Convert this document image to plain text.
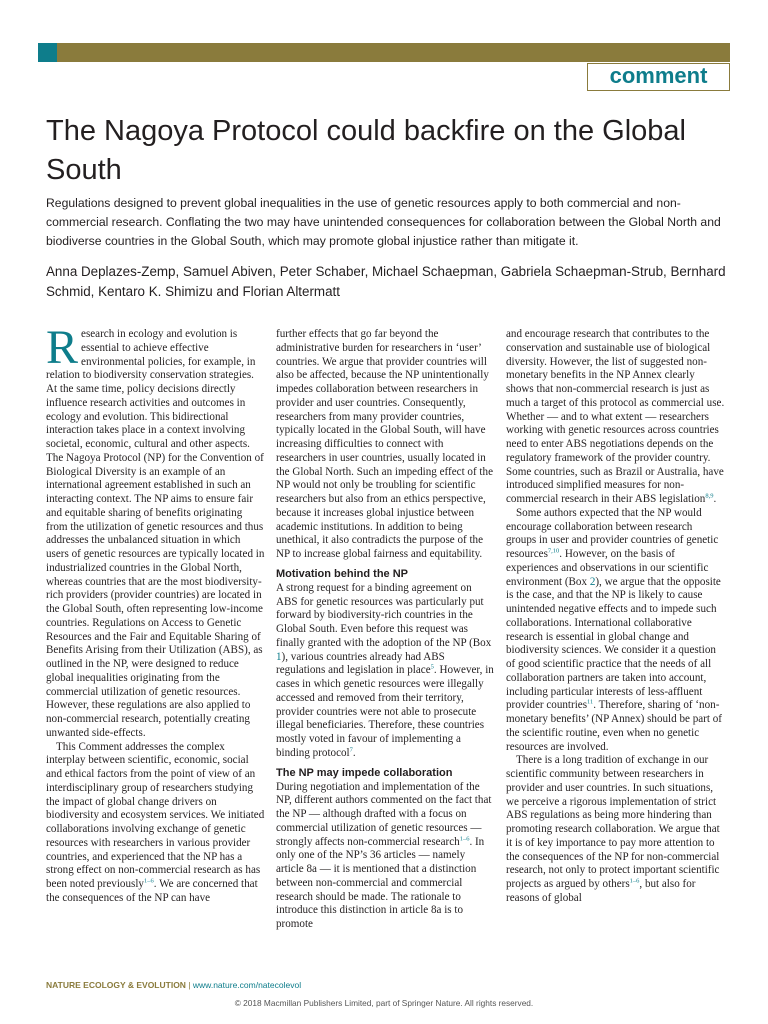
comment
The Nagoya Protocol could backfire on the Global South

Regulations designed to prevent global inequalities in the use of genetic resources apply to both commercial and non-commercial research. Conflating the two may have unintended consequences for collaboration between the Global North and biodiverse countries in the Global South, which may promote global injustice rather than mitigate it.

Anna Deplazes-Zemp, Samuel Abiven, Peter Schaber, Michael Schaepman, Gabriela Schaepman-Strub, Bernhard Schmid, Kentaro K. Shimizu and Florian Altermatt

Research in ecology and evolution is essential to achieve effective environmental policies, for example, in relation to biodiversity conservation strategies. At the same time, policy decisions directly influence research activities and outcomes in ecology and evolution. This bidirectional interaction takes place in a context involving societal, economic, cultural and other aspects. The Nagoya Protocol (NP) for the Convention of Biological Diversity is an example of an international agreement established in such an interacting context. The NP aims to ensure fair and equitable sharing of benefits originating from the utilization of genetic resources and thus addresses the unbalanced situation in which users of genetic resources are typically located in industrialized countries in the Global North, whereas countries that are the most biodiversity-rich providers (provider countries) are located in the Global South, often representing low-income countries. Regulations on Access to Genetic Resources and the Fair and Equitable Sharing of Benefits Arising from their Utilization (ABS), as outlined in the NP, were designed to reduce global inequalities originating from the commercial utilization of genetic resources. However, these regulations are also applied to non-commercial research, potentially creating unwanted side-effects.

This Comment addresses the complex interplay between scientific, economic, social and ethical factors from the point of view of an interdisciplinary group of researchers studying the impact of global change drivers on biodiversity and ecosystem services. We initiated collaborations involving exchange of genetic resources with researchers in various provider countries, and experienced that the NP has a strong effect on non-commercial research as has been noted previously$^{1-6}$. We are concerned that the consequences of the NP can have

further effects that go far beyond the administrative burden for researchers in ‘user’ countries. We argue that provider countries will also be affected, because the NP unintentionally impedes collaboration between researchers in provider and user countries. Consequently, researchers from many provider countries, typically located in the Global South, will have increasing difficulties to connect with researchers in user countries, usually located in the Global North. Such an impeding effect of the NP would not only be troubling for scientific researchers but also from an ethics perspective, because it increases global injustice between academic institutions. In addition to being unethical, it also contradicts the purpose of the NP to increase global fairness and equitability.

Motivation behind the NP

A strong request for a binding agreement on ABS for genetic resources was particularly put forward by biodiversity-rich countries in the Global South. Even before this request was finally granted with the adoption of the NP (Box 1), various countries already had ABS regulations and legislation in place$^5$. However, in cases in which genetic resources were illegally accessed and removed from their territory, provider countries were not able to prosecute illegal beneficiaries. Therefore, these countries mostly voted in favour of implementing a binding protocol$^7$.

The NP may impede collaboration

During negotiation and implementation of the NP, different authors commented on the fact that the NP — although drafted with a focus on commercial utilization of genetic resources — strongly affects non-commercial research$^{1-6}$. In only one of the NP’s 36 articles — namely article 8a — it is mentioned that a distinction between non-commercial and commercial research should be made. The rationale to introduce this distinction in article 8a is to promote

and encourage research that contributes to the conservation and sustainable use of biological diversity. However, the list of suggested non-monetary benefits in the NP Annex clearly shows that non-commercial research is just as much a target of this protocol as commercial use. Whether — and to what extent — researchers working with genetic resources across countries need to enter ABS negotiations depends on the regulatory framework of the provider country. Some countries, such as Brazil or Australia, have introduced simplified measures for non-commercial research in their ABS legislation$^{8,9}$.

Some authors expected that the NP would encourage collaboration between research groups in user and provider countries of genetic resources$^{7,10}$. However, on the basis of experiences and observations in our scientific environment (Box 2), we argue that the opposite is the case, and that the NP is likely to cause unintended negative effects and to impede such collaborations. International collaborative research is essential in global change and biodiversity sciences. We consider it a question of good scientific practice that the needs of all collaboration partners are taken into account, including particular interests of less-affluent provider countries$^{11}$. Therefore, sharing of ‘non-monetary benefits’ (NP Annex) should be part of the scientific routine, even when no genetic resources are involved.

There is a long tradition of exchange in our scientific community between researchers in provider and user countries. In such situations, we perceive a rigorous implementation of strict ABS regulations as being more hindering than promoting research collaboration. We argue that it is of key importance to pay more attention to the consequences of the NP for non-commercial research, not only to protect important scientific projects as argued by others$^{1-6}$, but also for reasons of global

NATURE ECOLOGY & EVOLUTION | www.nature.com/natecolevol

© 2018 Macmillan Publishers Limited, part of Springer Nature. All rights reserved.
